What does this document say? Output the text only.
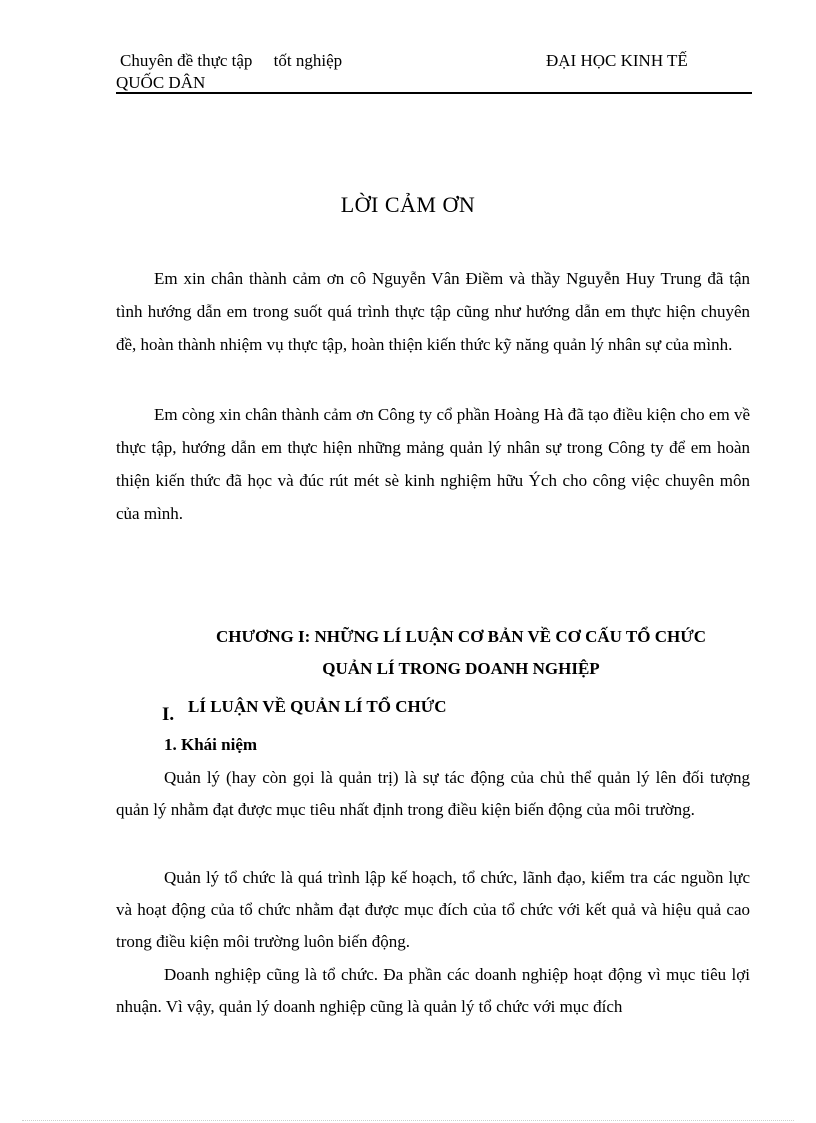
Chuyên đề thực tập     tốt nghiệp	ĐẠI HỌC KINH TẾ
QUỐC DÂN
LỜI CẢM ƠN

Em xin chân thành cảm ơn cô Nguyễn Vân Điềm và thầy Nguyễn Huy Trung đã tận tình hướng dẫn em trong suốt quá trình thực tập cũng như hướng dẫn em thực hiện chuyên đề, hoàn thành nhiệm vụ thực tập, hoàn thiện kiến thức kỹ năng quản lý nhân sự của mình.

Em còng xin chân thành cảm ơn Công ty cổ phần Hoàng Hà đã tạo điều kiện cho em về thực tập, hướng dẫn em thực hiện những mảng quản lý nhân sự trong Công ty để em hoàn thiện kiến thức đã học và đúc rút mét sè kinh nghiệm hữu Ých cho công việc chuyên môn của mình.

CHƯƠNG I: NHỮNG LÍ LUẬN CƠ BẢN VỀ CƠ CẤU TỔ CHỨC
QUẢN LÍ TRONG DOANH NGHIỆP
I. LÍ LUẬN VỀ QUẢN LÍ TỔ CHỨC
1. Khái niệm

Quản lý (hay còn gọi là quản trị) là sự tác động của chủ thể quản lý lên đối tượng quản lý nhằm đạt được mục tiêu nhất định trong điều kiện biến động của môi trường.

Quản lý tổ chức là quá trình lập kế hoạch, tổ chức, lãnh đạo, kiểm tra các nguồn lực và hoạt động của tổ chức nhằm đạt được mục đích của tổ chức với kết quả và hiệu quả cao trong điều kiện môi trường luôn biến động.

Doanh nghiệp cũng là tổ chức. Đa phần các doanh nghiệp hoạt động vì mục tiêu lợi nhuận. Vì vậy, quản lý doanh nghiệp cũng là quản lý tổ chức với mục đích
